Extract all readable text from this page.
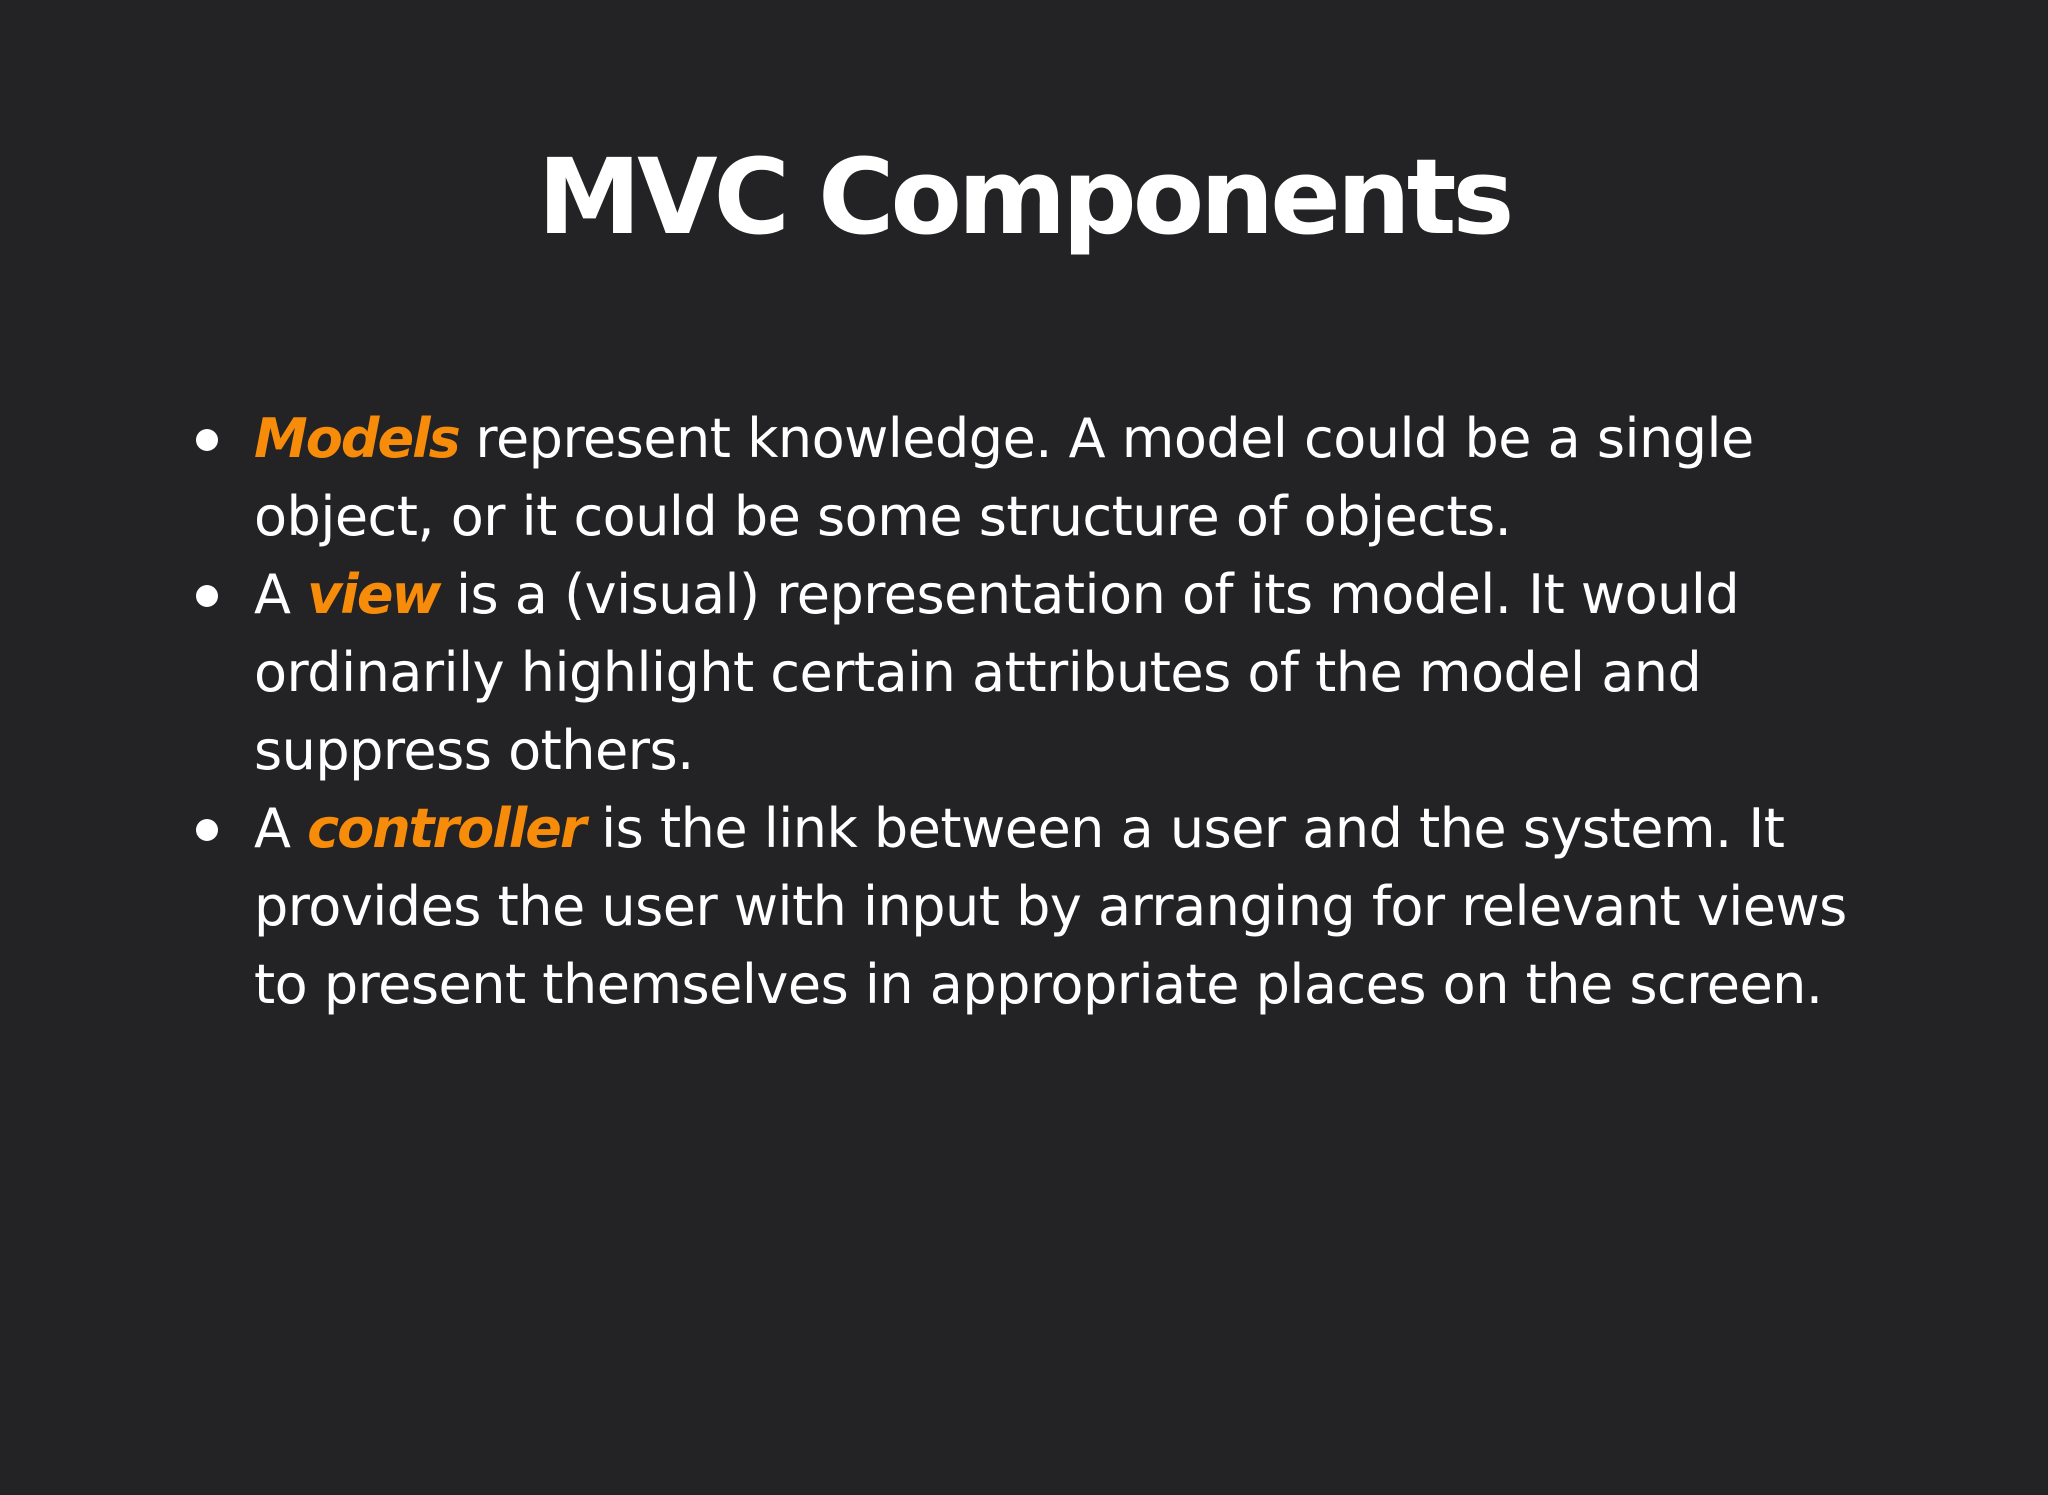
MVC Components
Models represent knowledge. A model could be a single object, or it could be some structure of objects.
A view is a (visual) representation of its model. It would ordinarily highlight certain attributes of the model and suppress others.
A controller is the link between a user and the system. It provides the user with input by arranging for relevant views to present themselves in appropriate places on the screen.
